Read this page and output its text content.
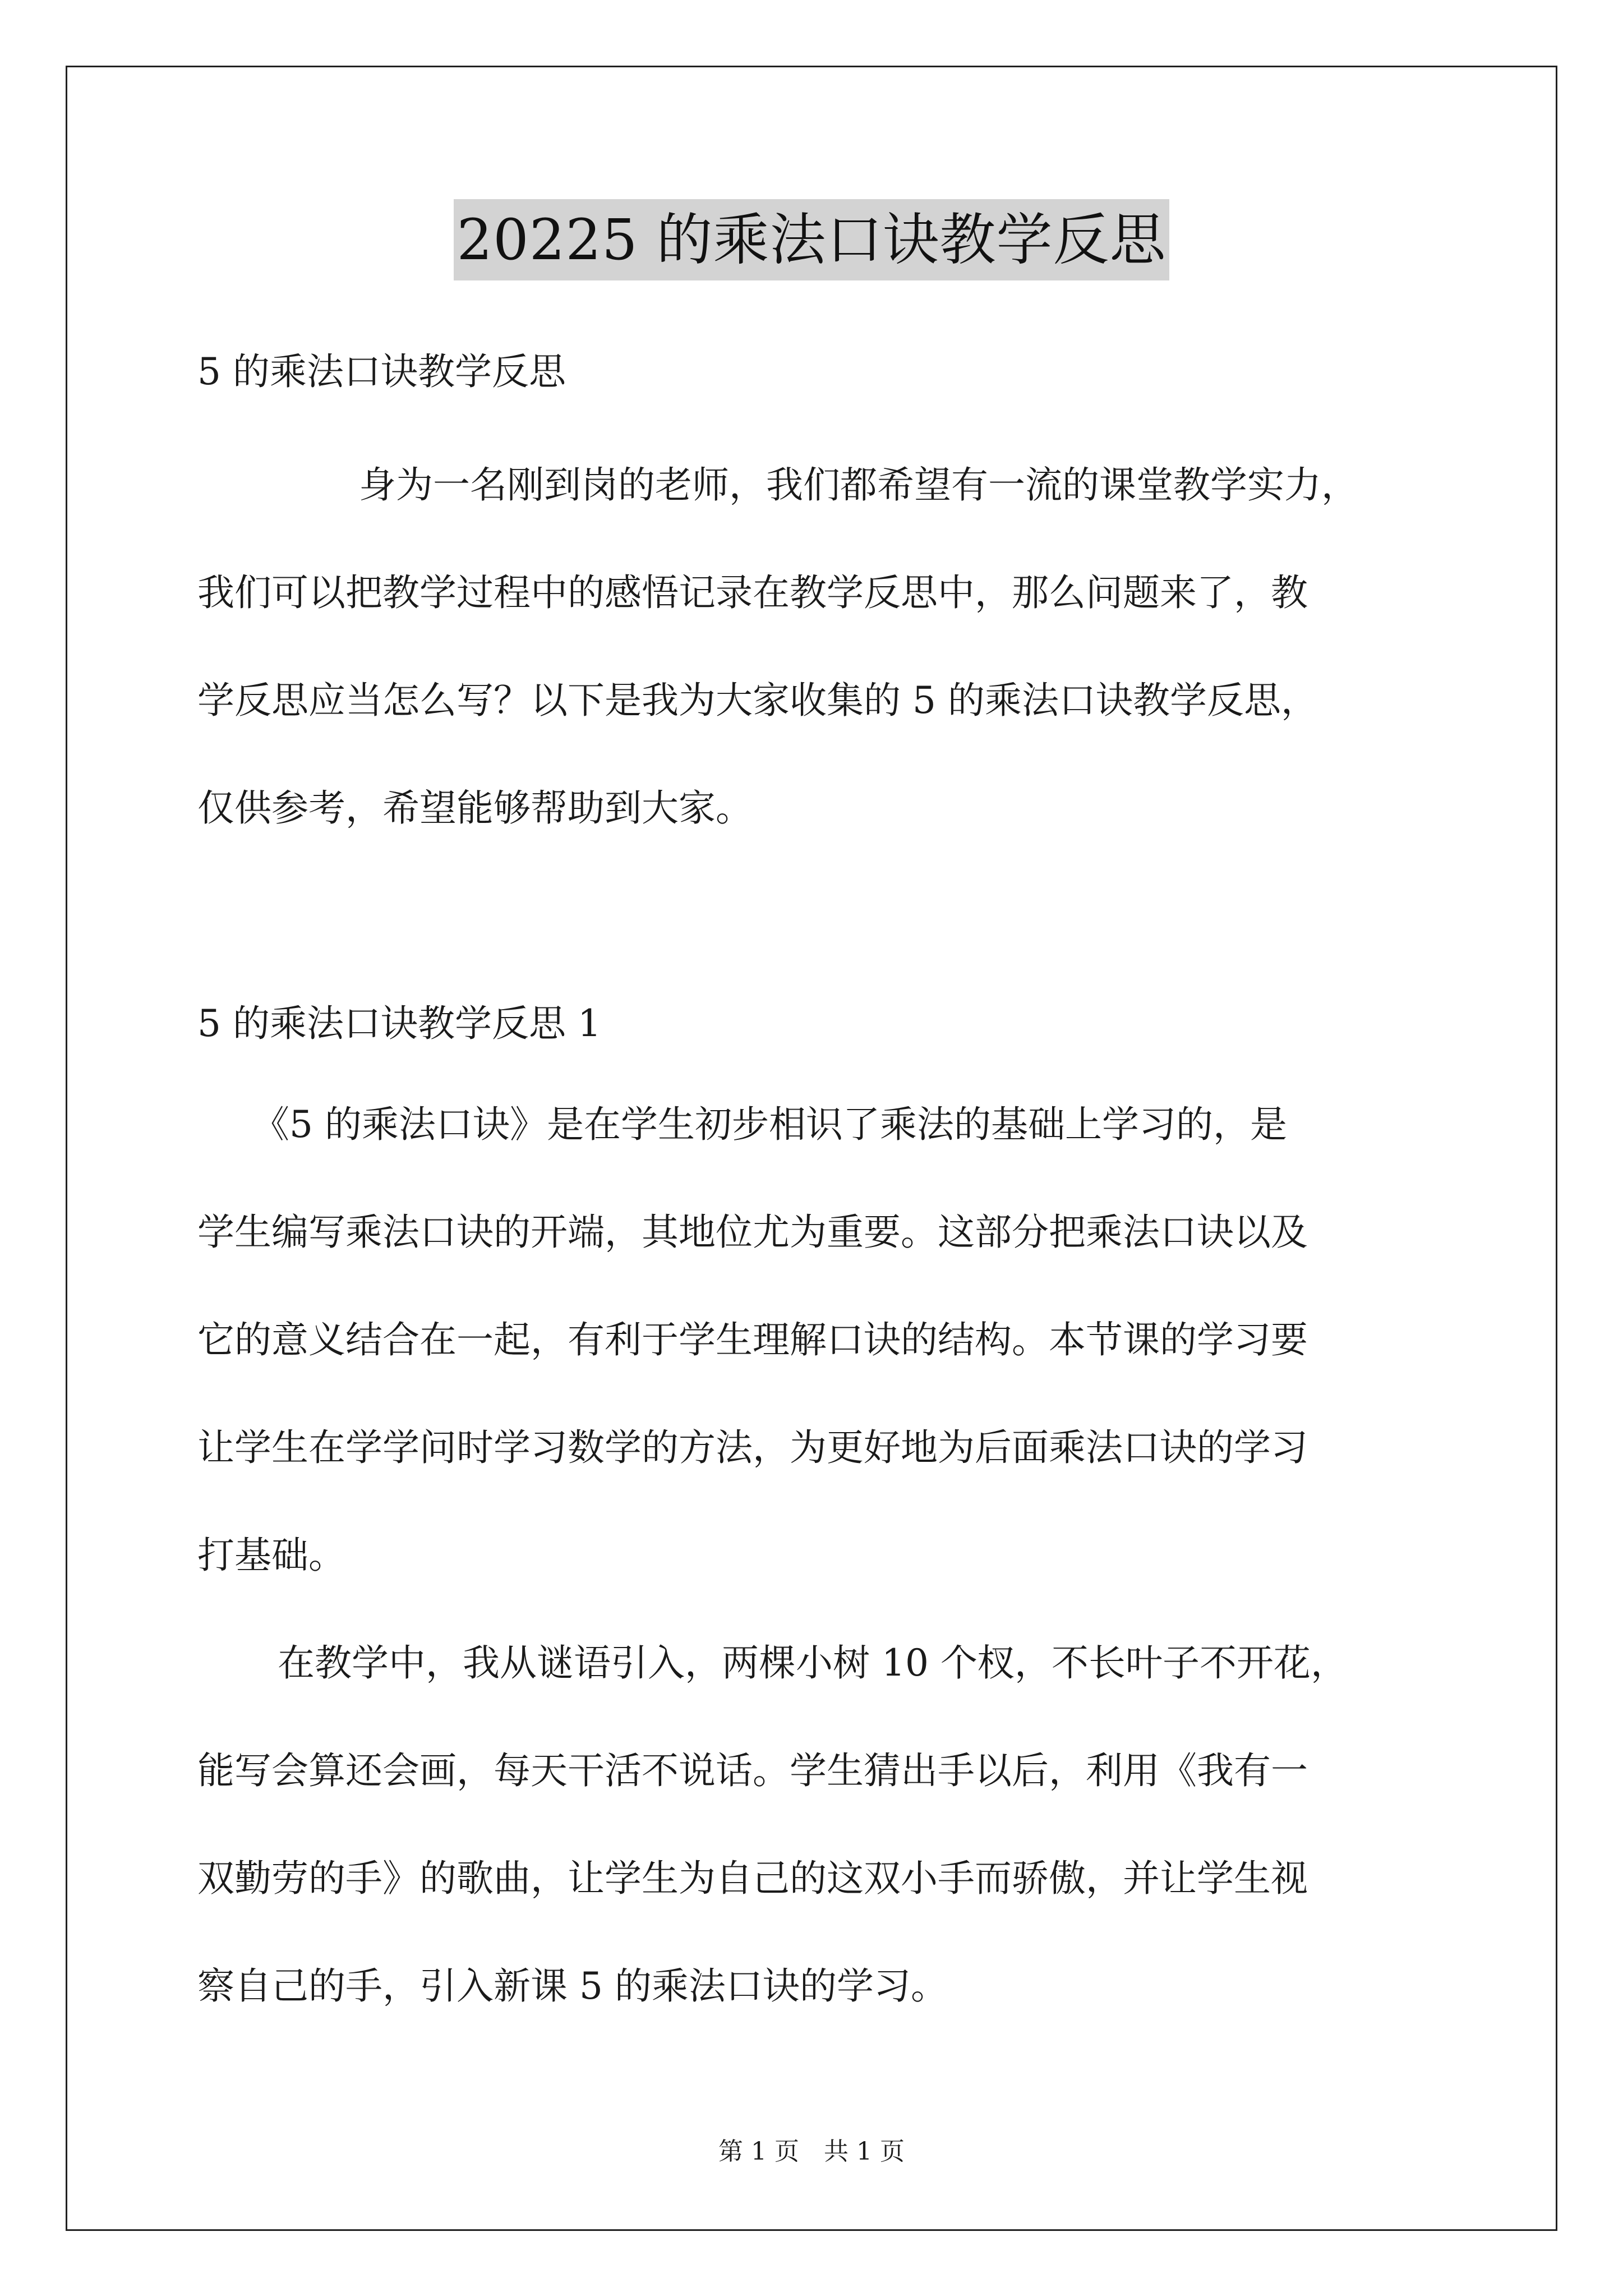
20225 的乘法口诀教学反思
5 的乘法口诀教学反思
身为一名刚到岗的老师，我们都希望有一流的课堂教学实力，
我们可以把教学过程中的感悟记录在教学反思中，那么问题来了，教
学反思应当怎么写？以下是我为大家收集的 5 的乘法口诀教学反思，
仅供参考，希望能够帮助到大家。
5 的乘法口诀教学反思 1
《5 的乘法口诀》是在学生初步相识了乘法的基础上学习的，是
学生编写乘法口诀的开端，其地位尤为重要。这部分把乘法口诀以及
它的意义结合在一起，有利于学生理解口诀的结构。本节课的学习要
让学生在学学问时学习数学的方法，为更好地为后面乘法口诀的学习
打基础。
在教学中，我从谜语引入，两棵小树 10 个杈，不长叶子不开花，
能写会算还会画，每天干活不说话。学生猜出手以后，利用《我有一
双勤劳的手》的歌曲，让学生为自己的这双小手而骄傲，并让学生视
察自己的手，引入新课 5 的乘法口诀的学习。
第 1 页　共 1 页
